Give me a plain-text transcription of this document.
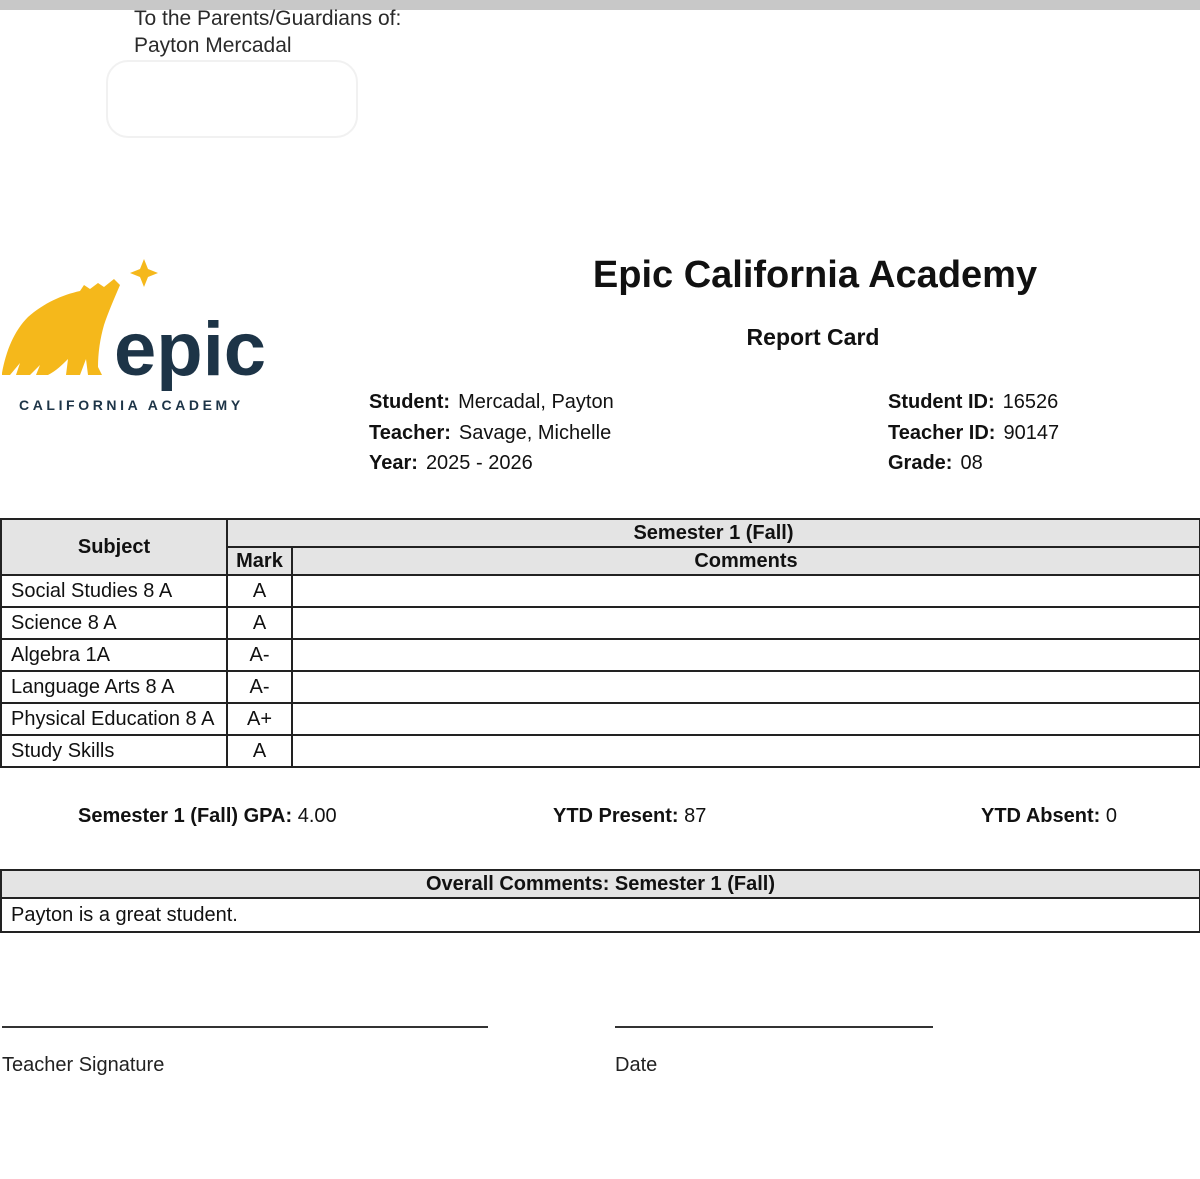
To the Parents/Guardians of:
Payton Mercadal
epic
CALIFORNIA ACADEMY
Epic California Academy
Report Card
Student: Mercadal, Payton
Teacher: Savage, Michelle
Year: 2025 - 2026
Student ID: 16526
Teacher ID: 90147
Grade: 08
Subject	Semester 1 (Fall)	
	Mark	Comments
Social Studies 8 A	A	
Science 8 A	A	
Algebra 1A	A-	
Language Arts 8 A	A-	
Physical Education 8 A	A+	
Study Skills	A	
Semester 1 (Fall) GPA: 4.00	YTD Present: 87	YTD Absent: 0
Overall Comments: Semester 1 (Fall)
Payton is a great student.
Teacher Signature	Date
